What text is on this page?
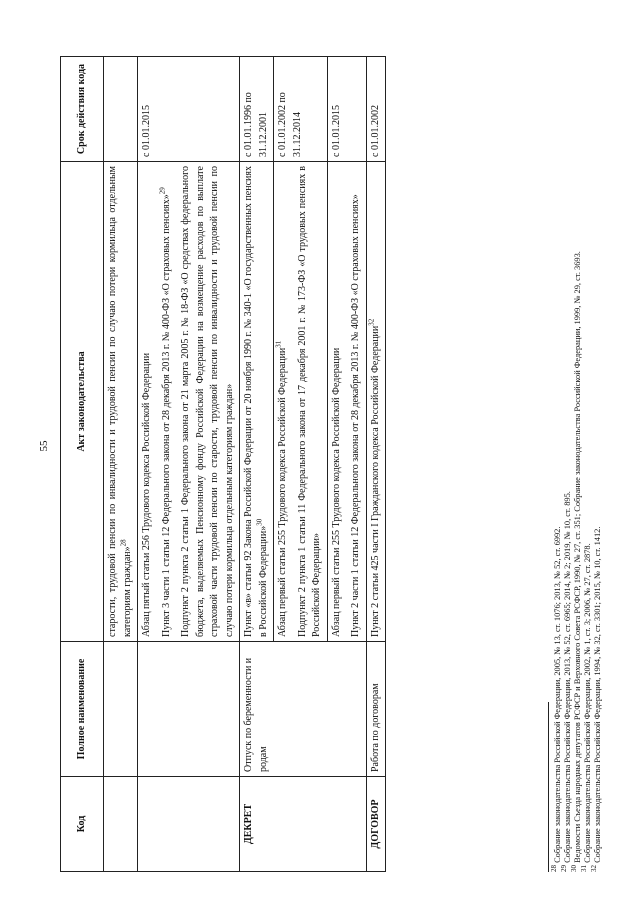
55
Код	Полное наименование	Акт законодательства	Срок действия кода

		старости, трудовой пенсии по инвалидности и трудовой пенсии по случаю потери кормильца отдельным категориям граждан»$^{28}$

		Абзац пятый статьи 256 Трудового кодекса Российской Федерации Пункт 3 части 1 статьи 12 Федерального закона от 28 декабря 2013 г. № 400-ФЗ «О страховых пенсиях»$^{29}$ Подпункт 2 пункта 2 статьи 1 Федерального закона от 21 марта 2005 г. № 18-ФЗ «О средствах федерального бюджета, выделяемых Пенсионному фонду Российской Федерации на возмещение расходов по выплате страховой части трудовой пенсии по старости, трудовой пенсии по инвалидности и трудовой пенсии по случаю потери кормильца отдельным категориям граждан»	с 01.01.2015
ДЕКРЕТ	Отпуск по беременности и родам	Пункт «в» статьи 92 Закона Российской Федерации от 20 ноября 1990 г. № 340-1 «О государственных пенсиях в Российской Федерации»$^{30}$	с 01.01.1996 по 31.12.2001

		Абзац первый статьи 255 Трудового кодекса Российской Федерации$^{31}$ Подпункт 2 пункта 1 статьи 11 Федерального закона от 17 декабря 2001 г. № 173-ФЗ «О трудовых пенсиях в Российской Федерации»	с 01.01.2002 по 31.12.2014

		Абзац первый статьи 255 Трудового кодекса Российской Федерации Пункт 2 части 1 статьи 12 Федерального закона от 28 декабря 2013 г. № 400-ФЗ «О страховых пенсиях»	с 01.01.2015
ДОГОВОР	Работа по договорам	Пункт 2 статьи 425 части I Гражданского кодекса Российской Федерации$^{32}$	с 01.01.2002
$^{28}$ Собрание законодательства Российской Федерации, 2005, № 13, ст. 1076; 2013, № 52, ст. 6992.
$^{29}$ Собрание законодательства Российской Федерации, 2013, № 52, ст. 6965; 2014, № 2; 2019, № 10, ст. 895.
$^{30}$ Ведомости Съезда народных депутатов РСФСР и Верховного Совета РСФСР, 1990, № 27, ст. 351; Собрание законодательства Российской Федерации, 1999, № 29, ст. 3693.
$^{31}$ Собрание законодательства Российской Федерации, 2002, № 1, ст. 3; 2006, № 27, ст. 2878.
$^{32}$ Собрание законодательства Российской Федерации, 1994, № 32, ст. 3301; 2015, № 10, ст. 1412.
